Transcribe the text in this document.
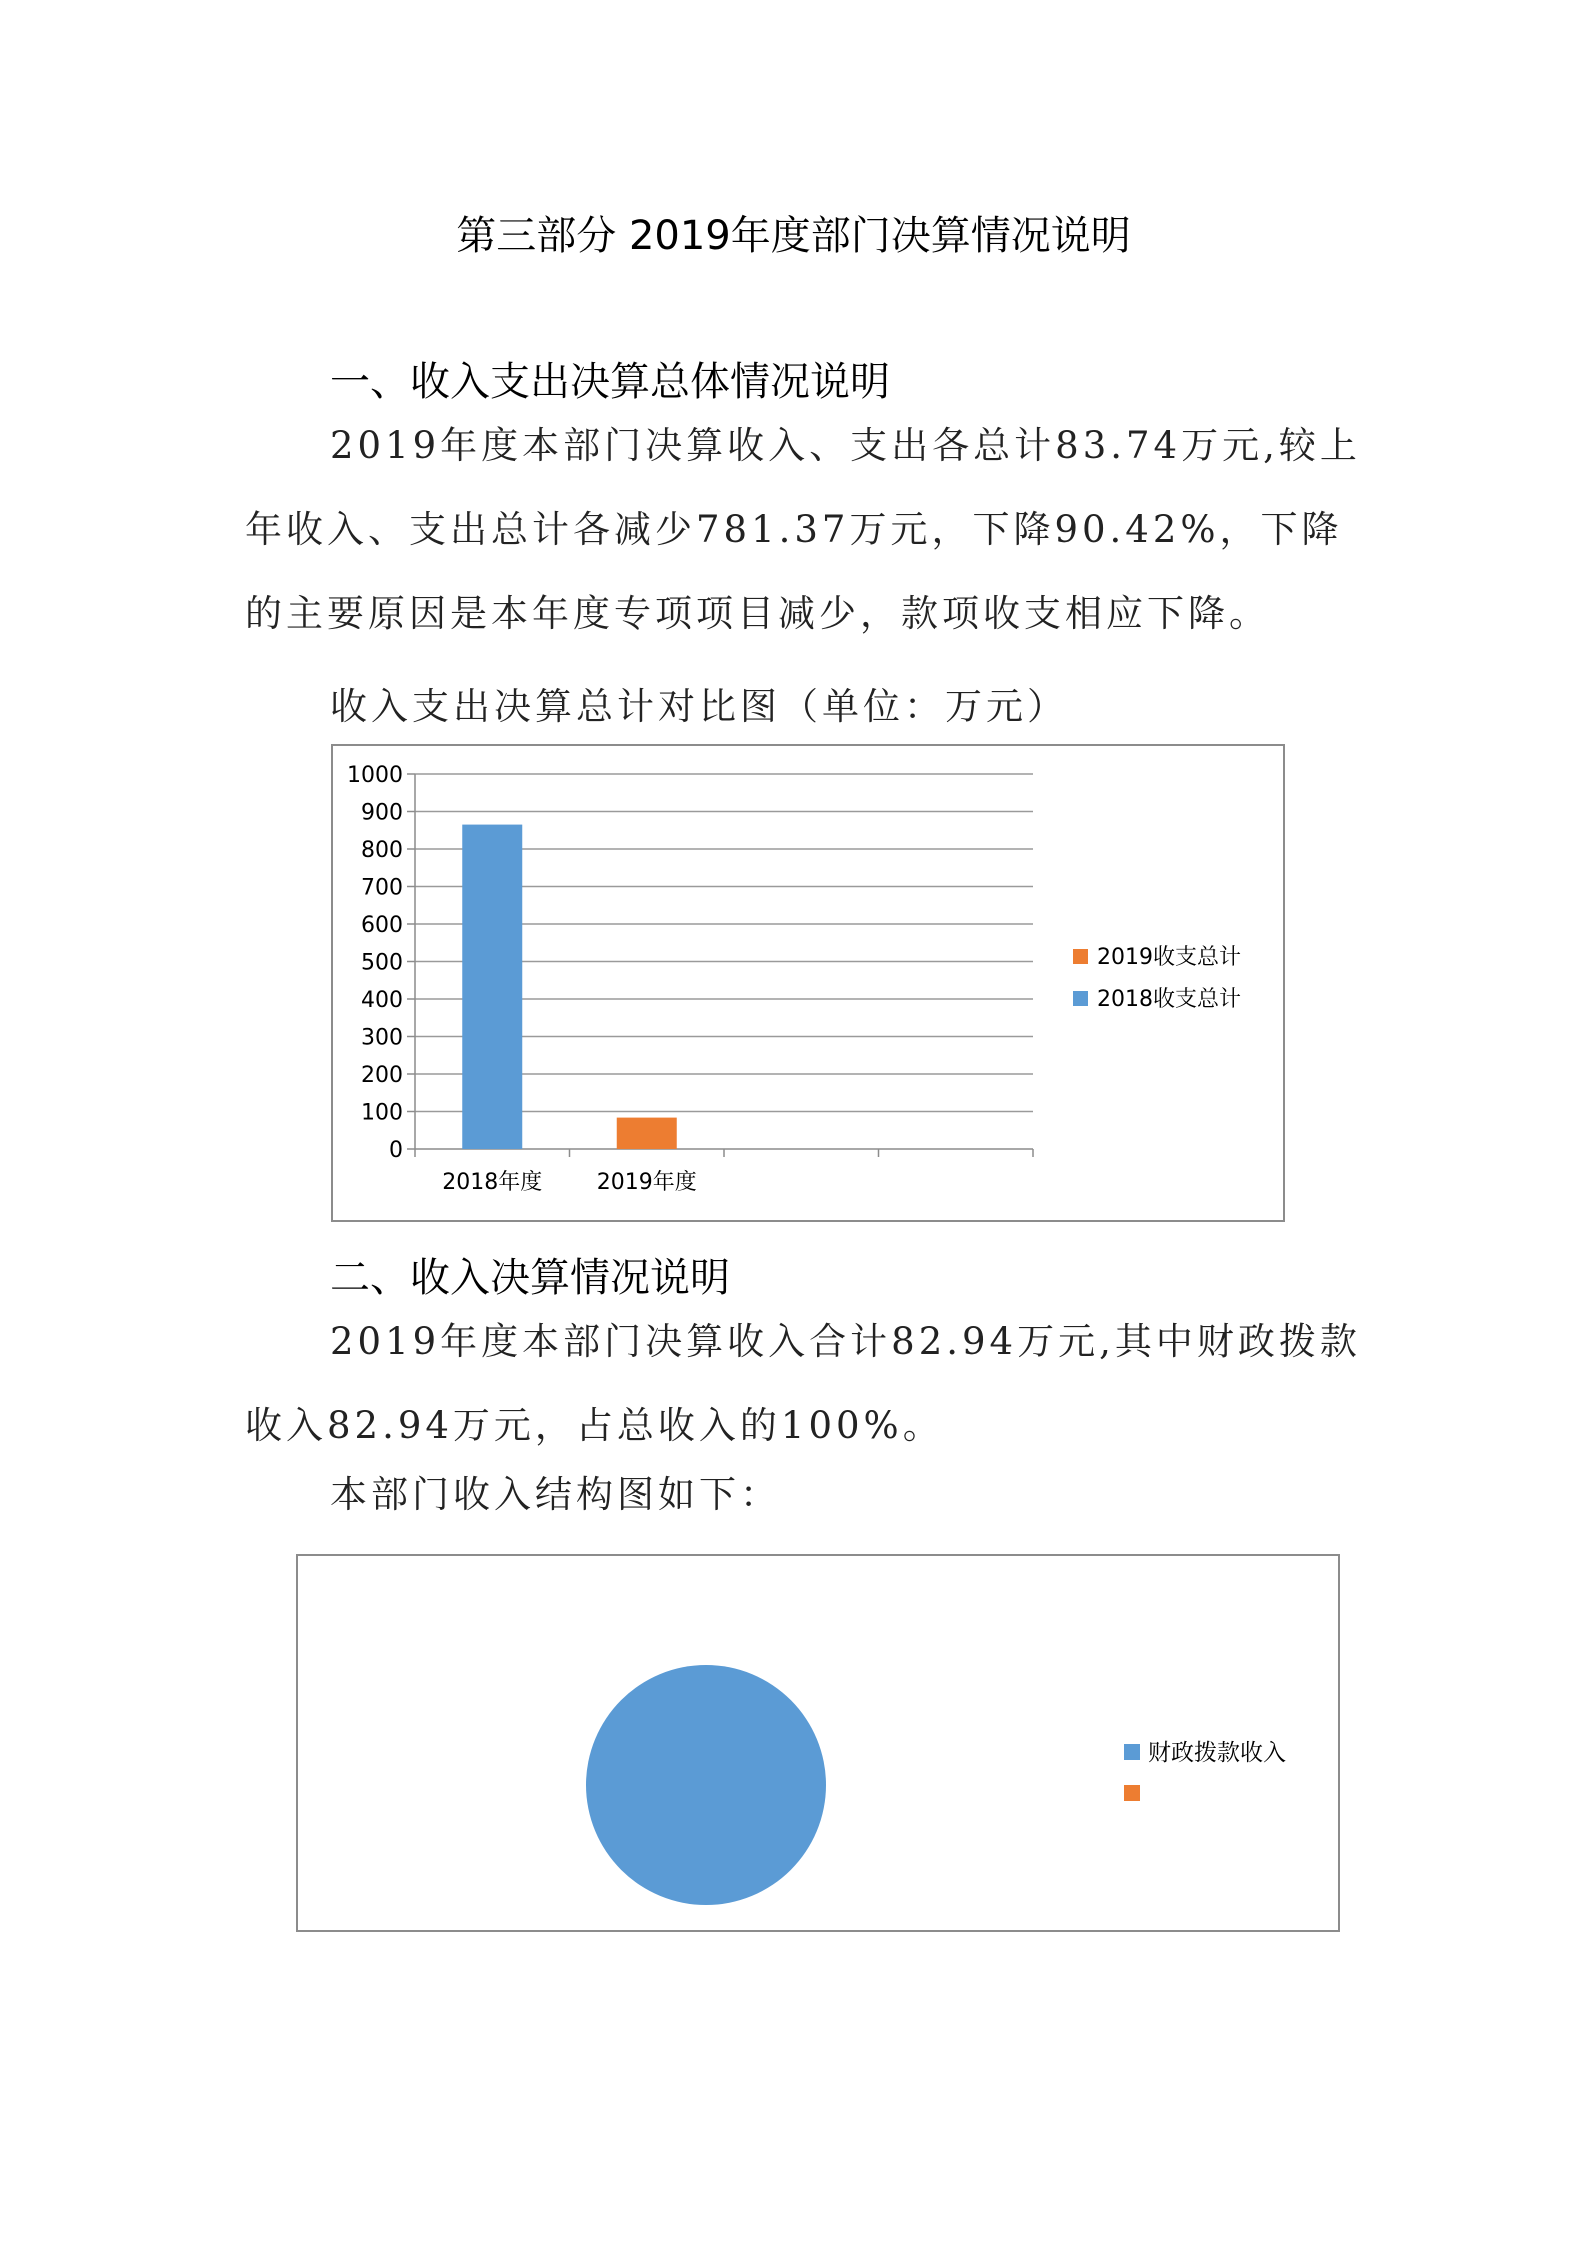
第三部分 2019年度部门决算情况说明
一、收入支出决算总体情况说明

2019年度本部门决算收入、支出各总计83.74万元,较上年收入、支出总计各减少781.37万元，下降90.42%，下降的主要原因是本年度专项项目减少，款项收支相应下降。

收入支出决算总计对比图（单位：万元）
0
100
200
300
400
500
600
700
800
900
1000
2018年度 2019年度
2019收支总计
2018收支总计
二、收入决算情况说明

2019年度本部门决算收入合计82.94万元,其中财政拨款收入82.94万元，占总收入的100%。

本部门收入结构图如下：
财政拨款收入
